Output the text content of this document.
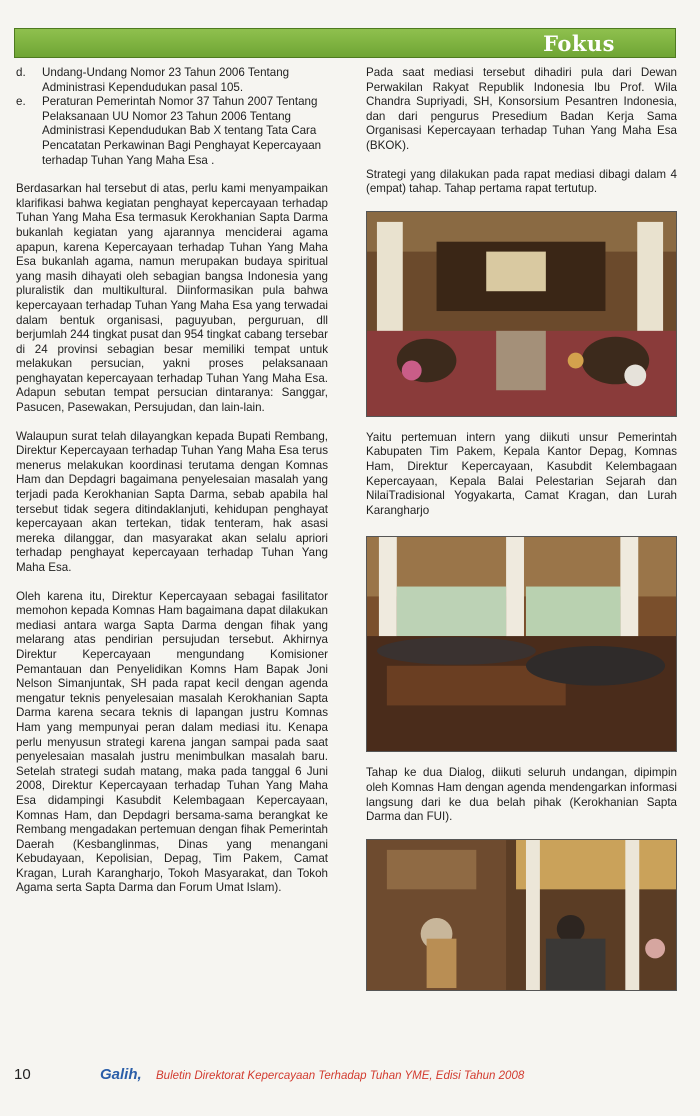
Fokus
d.	Undang-Undang Nomor 23 Tahun 2006 Tentang Administrasi Kependudukan pasal 105.
e.	Peraturan Pemerintah Nomor 37 Tahun 2007 Tentang Pelaksanaan UU Nomor 23 Tahun 2006 Tentang Administrasi Kependudukan Bab X tentang Tata Cara Pencatatan Perkawinan Bagi Penghayat Kepercayaan terhadap Tuhan Yang Maha Esa .

Berdasarkan hal tersebut di atas, perlu kami menyampaikan klarifikasi bahwa kegiatan penghayat kepercayaan terhadap Tuhan Yang Maha Esa termasuk Kerokhanian Sapta Darma bukanlah kegiatan yang ajarannya menciderai agama apapun, karena Kepercayaan terhadap Tuhan Yang Maha Esa bukanlah agama, namun merupakan budaya spiritual yang masih dihayati oleh sebagian bangsa Indonesia yang pluralistik dan multikultural. Diinformasikan pula bahwa kepercayaan terhadap Tuhan Yang Maha Esa yang terwadai dalam bentuk organisasi, paguyuban, perguruan, dll berjumlah 244 tingkat pusat dan 954 tingkat cabang tersebar di 24 provinsi sebagian besar memiliki tempat untuk melakukan persucian, yakni proses pelaksanaan penghayatan kepercayaan terhadap Tuhan Yang Maha Esa. Adapun sebutan tempat persucian dintaranya: Sanggar, Pasucen, Pasewakan, Persujudan, dan lain-lain.

Walaupun surat telah dilayangkan kepada Bupati Rembang, Direktur Kepercayaan terhadap Tuhan Yang Maha Esa terus menerus melakukan koordinasi terutama dengan Komnas Ham dan Depdagri bagaimana penyelesaian masalah yang terjadi pada Kerokhanian Sapta Darma, sebab apabila hal tersebut tidak segera ditindaklanjuti, kehidupan penghayat kepercayaan akan tertekan, tidak tenteram, hak asasi mereka dilanggar, dan masyarakat akan selalu apriori terhadap penghayat kepercayaan terhadap Tuhan Yang Maha Esa.

Oleh karena itu, Direktur Kepercayaan sebagai fasilitator memohon kepada Komnas Ham bagaimana dapat dilakukan mediasi antara warga Sapta Darma dengan fihak yang melarang atas pendirian persujudan tersebut. Akhirnya Direktur Kepercayaan mengundang Komisioner Pemantauan dan Penyelidikan Komns Ham Bapak Joni Nelson Simanjuntak, SH pada rapat kecil dengan agenda mengatur teknis penyelesaian masalah Kerokhanian Sapta Darma karena secara teknis di lapangan justru Komnas Ham yang mempunyai peran dalam mediasi itu. Kenapa perlu menyusun strategi karena jangan sampai pada saat penyelesaian masalah justru menimbulkan masalah baru. Setelah strategi sudah matang, maka pada tanggal 6 Juni 2008, Direktur Kepercayaan terhadap Tuhan Yang Maha Esa didampingi Kasubdit Kelembagaan Kepercayaan, Komnas Ham, dan Depdagri bersama-sama berangkat ke Rembang mengadakan pertemuan dengan fihak Pemerintah Daerah (Kesbanglinmas, Dinas yang menangani Kebudayaan, Kepolisian, Depag, Tim Pakem, Camat Kragan, Lurah Karangharjo, Tokoh Masyarakat, dan Tokoh Agama serta Sapta Darma dan Forum Umat Islam).

Pada saat mediasi tersebut dihadiri pula dari Dewan Perwakilan Rakyat Republik Indonesia Ibu Prof. Wila Chandra Supriyadi, SH, Konsorsium Pesantren Indonesia, dan dari pengurus Presedium Badan Kerja Sama Organisasi Kepercayaan terhadap Tuhan Yang Maha Esa (BKOK).

Strategi yang dilakukan pada rapat mediasi dibagi dalam 4 (empat) tahap. Tahap pertama rapat tertutup.

Yaitu pertemuan intern yang diikuti unsur Pemerintah Kabupaten Tim Pakem, Kepala Kantor Depag, Komnas Ham, Direktur Kepercayaan, Kasubdit Kelembagaan Kepercayaan, Kepala Balai Pelestarian Sejarah dan NilaiTradisional Yogyakarta, Camat Kragan, dan Lurah Karangharjo

Tahap ke dua Dialog, diikuti seluruh undangan, dipimpin oleh Komnas Ham dengan agenda mendengarkan informasi langsung dari ke dua belah pihak (Kerokhanian Sapta Darma dan FUI).

10	Galih, Buletin Direktorat Kepercayaan Terhadap Tuhan YME, Edisi Tahun 2008
